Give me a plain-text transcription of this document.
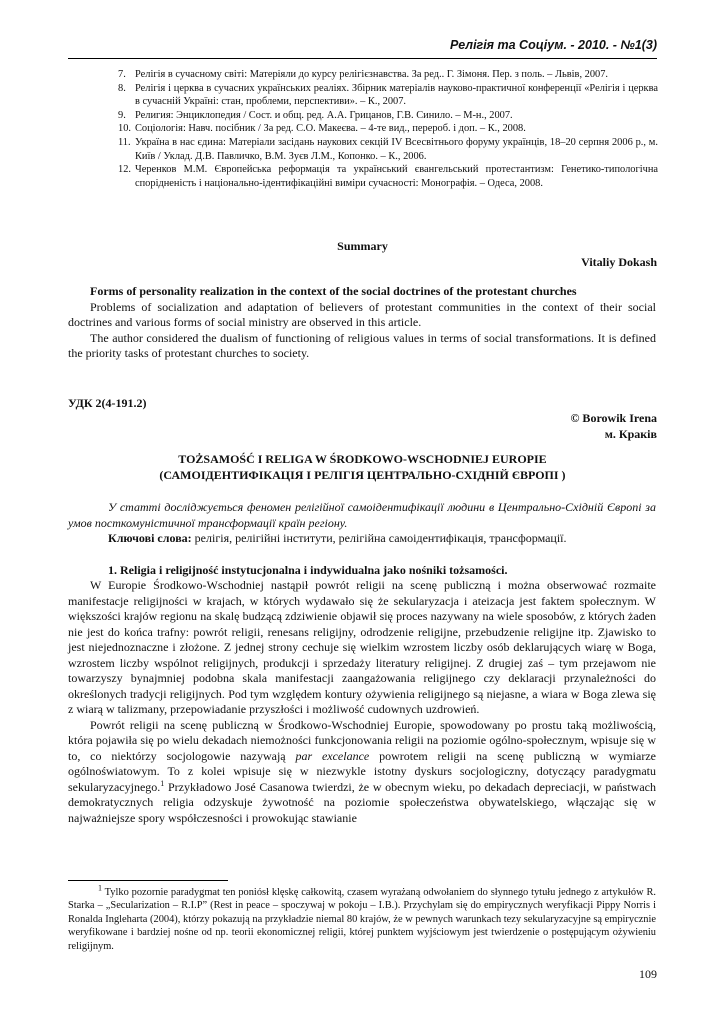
Релігія та Соціум. - 2010. - №1(3)
7. Релігія в сучасному світі: Матеріяли до курсу релігієзнавства. За ред.. Г. Зімоня. Пер. з поль. – Львів, 2007.
8. Релігія і церква в сучасних українських реаліях. Збірник матеріалів науково-практичної конференції «Релігія і церква в сучасній Україні: стан, проблеми, перспективи». – К., 2007.
9. Религия: Энциклопедия / Сост. и общ. ред. А.А. Грицанов, Г.В. Синило. – М-н., 2007.
10. Соціологія: Навч. посібник / За ред. С.О. Макеєва. – 4-те вид., перероб. і доп. – К., 2008.
11. Україна в нас єдина: Матеріали засідань наукових секцій IV Всесвітнього форуму українців, 18–20 серпня 2006 р., м. Київ / Уклад. Д.В. Павличко, В.М. Зуєв Л.М., Копонко. – К., 2006.
12. Черенков М.М. Європейська реформація та український євангельський протестантизм: Генетико-типологічна спорідненість і національно-ідентифікаційні виміри сучасності: Монографія. – Одеса, 2008.
Summary
Vitaliy Dokash

Forms of personality realization in the context of the social doctrines of the protestant churches

Problems of socialization and adaptation of believers of protestant communities in the context of their social doctrines and various forms of social ministry are observed in this article.

The author considered the dualism of functioning of religious values in terms of social transformations. It is defined the priority tasks of protestant churches to society.

УДК 2(4-191.2)
© Borowik Irena
м. Краків
TOŻSAMOŚĆ I RELIGA W ŚRODKOWO-WSCHODNIEJ EUROPIE
(САМОІДЕНТИФІКАЦІЯ І РЕЛІГІЯ ЦЕНТРАЛЬНО-СХІДНІЙ ЄВРОПІ )

У статті досліджується феномен релігійної самоідентифікації людини в Центрально-Східній Європі за умов посткомуністичної трансформації країн регіону.

Ключові слова: релігія, релігійні інститути, релігійна самоідентифікація, трансформації.

1. Religia i religijność instytucjonalna i indywidualna jako nośniki tożsamości.

W Europie Środkowo-Wschodniej nastąpił powrót religii na scenę publiczną i można obserwować rozmaite manifestacje religijności w krajach, w których wydawało się że sekularyzacja i ateizacja jest faktem społecznym. W większości krajów regionu na skalę budzącą zdziwienie objawił się proces nazywany na wiele sposobów, z których żaden nie jest do końca trafny: powrót religii, renesans religijny, odrodzenie religijne, przebudzenie religijne itp. Zjawisko to jest niejednoznaczne i złożone. Z jednej strony cechuje się wielkim wzrostem liczby osób deklarujących wiarę w Boga, wzrostem liczby wspólnot religijnych, produkcji i sprzedaży literatury religijnej. Z drugiej zaś – tym przejawom nie towarzyszy bynajmniej podobna skala manifestacji zaangażowania religijnego czy deklaracji przynależności do określonych tradycji religijnych. Pod tym względem kontury ożywienia religijnego są niejasne, a wiara w Boga zlewa się z wiarą w talizmany, przepowiadanie przyszłości i możliwość cudownych uzdrowień.

Powrót religii na scenę publiczną w Środkowo-Wschodniej Europie, spowodowany po prostu taką możliwością, która pojawiła się po wielu dekadach niemożności funkcjonowania religii na poziomie ogólno-społecznym, wpisuje się w to, co niektórzy socjologowie nazywają par excelance powrotem religii na scenę publiczną w wymiarze ogólnoświatowym. To z kolei wpisuje się w niezwykle istotny dyskurs socjologiczny, dotyczący paradygmatu sekularyzacyjnego.$^1$ Przykładowo José Casanowa twierdzi, że w obecnym wieku, po dekadach depreciacji, w państwach demokratycznych religia odzyskuje żywotność na poziomie społeczeństwa obywatelskiego, włączając się w najważniejsze spory współczesności i prowokując stawianie

$^1$ Tylko pozornie paradygmat ten poniósł klęskę całkowitą, czasem wyrażaną odwołaniem do słynnego tytułu jednego z artykułów R. Starka – „Secularization – R.I.P” (Rest in peace – spoczywaj w pokoju – I.B.). Przychylam się do empirycznych weryfikacji Pippy Norris i Ronalda Ingleharta (2004), którzy pokazują na przykładzie niemal 80 krajów, że w pewnych warunkach tezy sekularyzacyjne są empirycznie weryfikowane i bardziej nośne od np. teorii ekonomicznej religii, której punktem wyjściowym jest twierdzenie o postępującym ożywieniu religijnym.
109
